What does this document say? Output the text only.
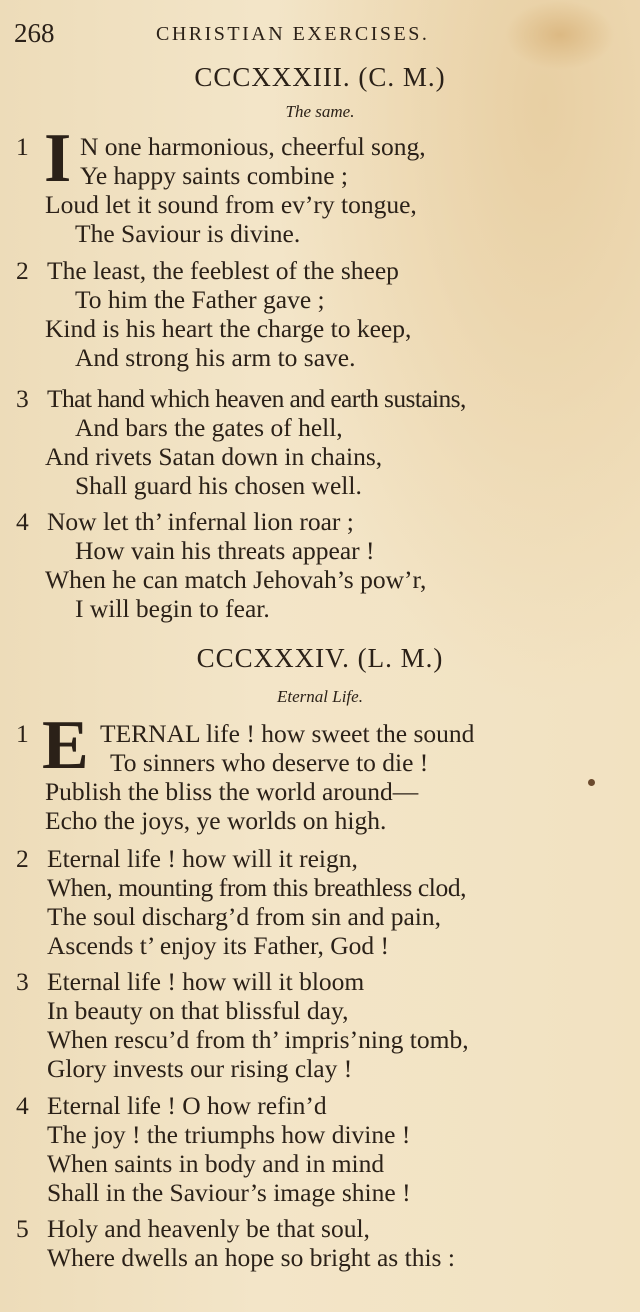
268	CHRISTIAN EXERCISES.
CCCXXXIII. (C. M.)
The same.
1 I N one harmonious, cheerful song,
Ye happy saints combine ;
Loud let it sound from ev’ry tongue,
The Saviour is divine.
2 The least, the feeblest of the sheep
To him the Father gave ;
Kind is his heart the charge to keep,
And strong his arm to save.
3 That hand which heaven and earth sustains,
And bars the gates of hell,
And rivets Satan down in chains,
Shall guard his chosen well.
4 Now let th’ infernal lion roar ;
How vain his threats appear !
When he can match Jehovah’s pow’r,
I will begin to fear.
CCCXXXIV. (L. M.)
Eternal Life.
1 E TERNAL life ! how sweet the sound
To sinners who deserve to die !
Publish the bliss the world around—
Echo the joys, ye worlds on high.
2 Eternal life ! how will it reign,
When, mounting from this breathless clod,
The soul discharg’d from sin and pain,
Ascends t’ enjoy its Father, God !
3 Eternal life ! how will it bloom
In beauty on that blissful day,
When rescu’d from th’ impris’ning tomb,
Glory invests our rising clay !
4 Eternal life ! O how refin’d
The joy ! the triumphs how divine !
When saints in body and in mind
Shall in the Saviour’s image shine !
5 Holy and heavenly be that soul,
Where dwells an hope so bright as this :
